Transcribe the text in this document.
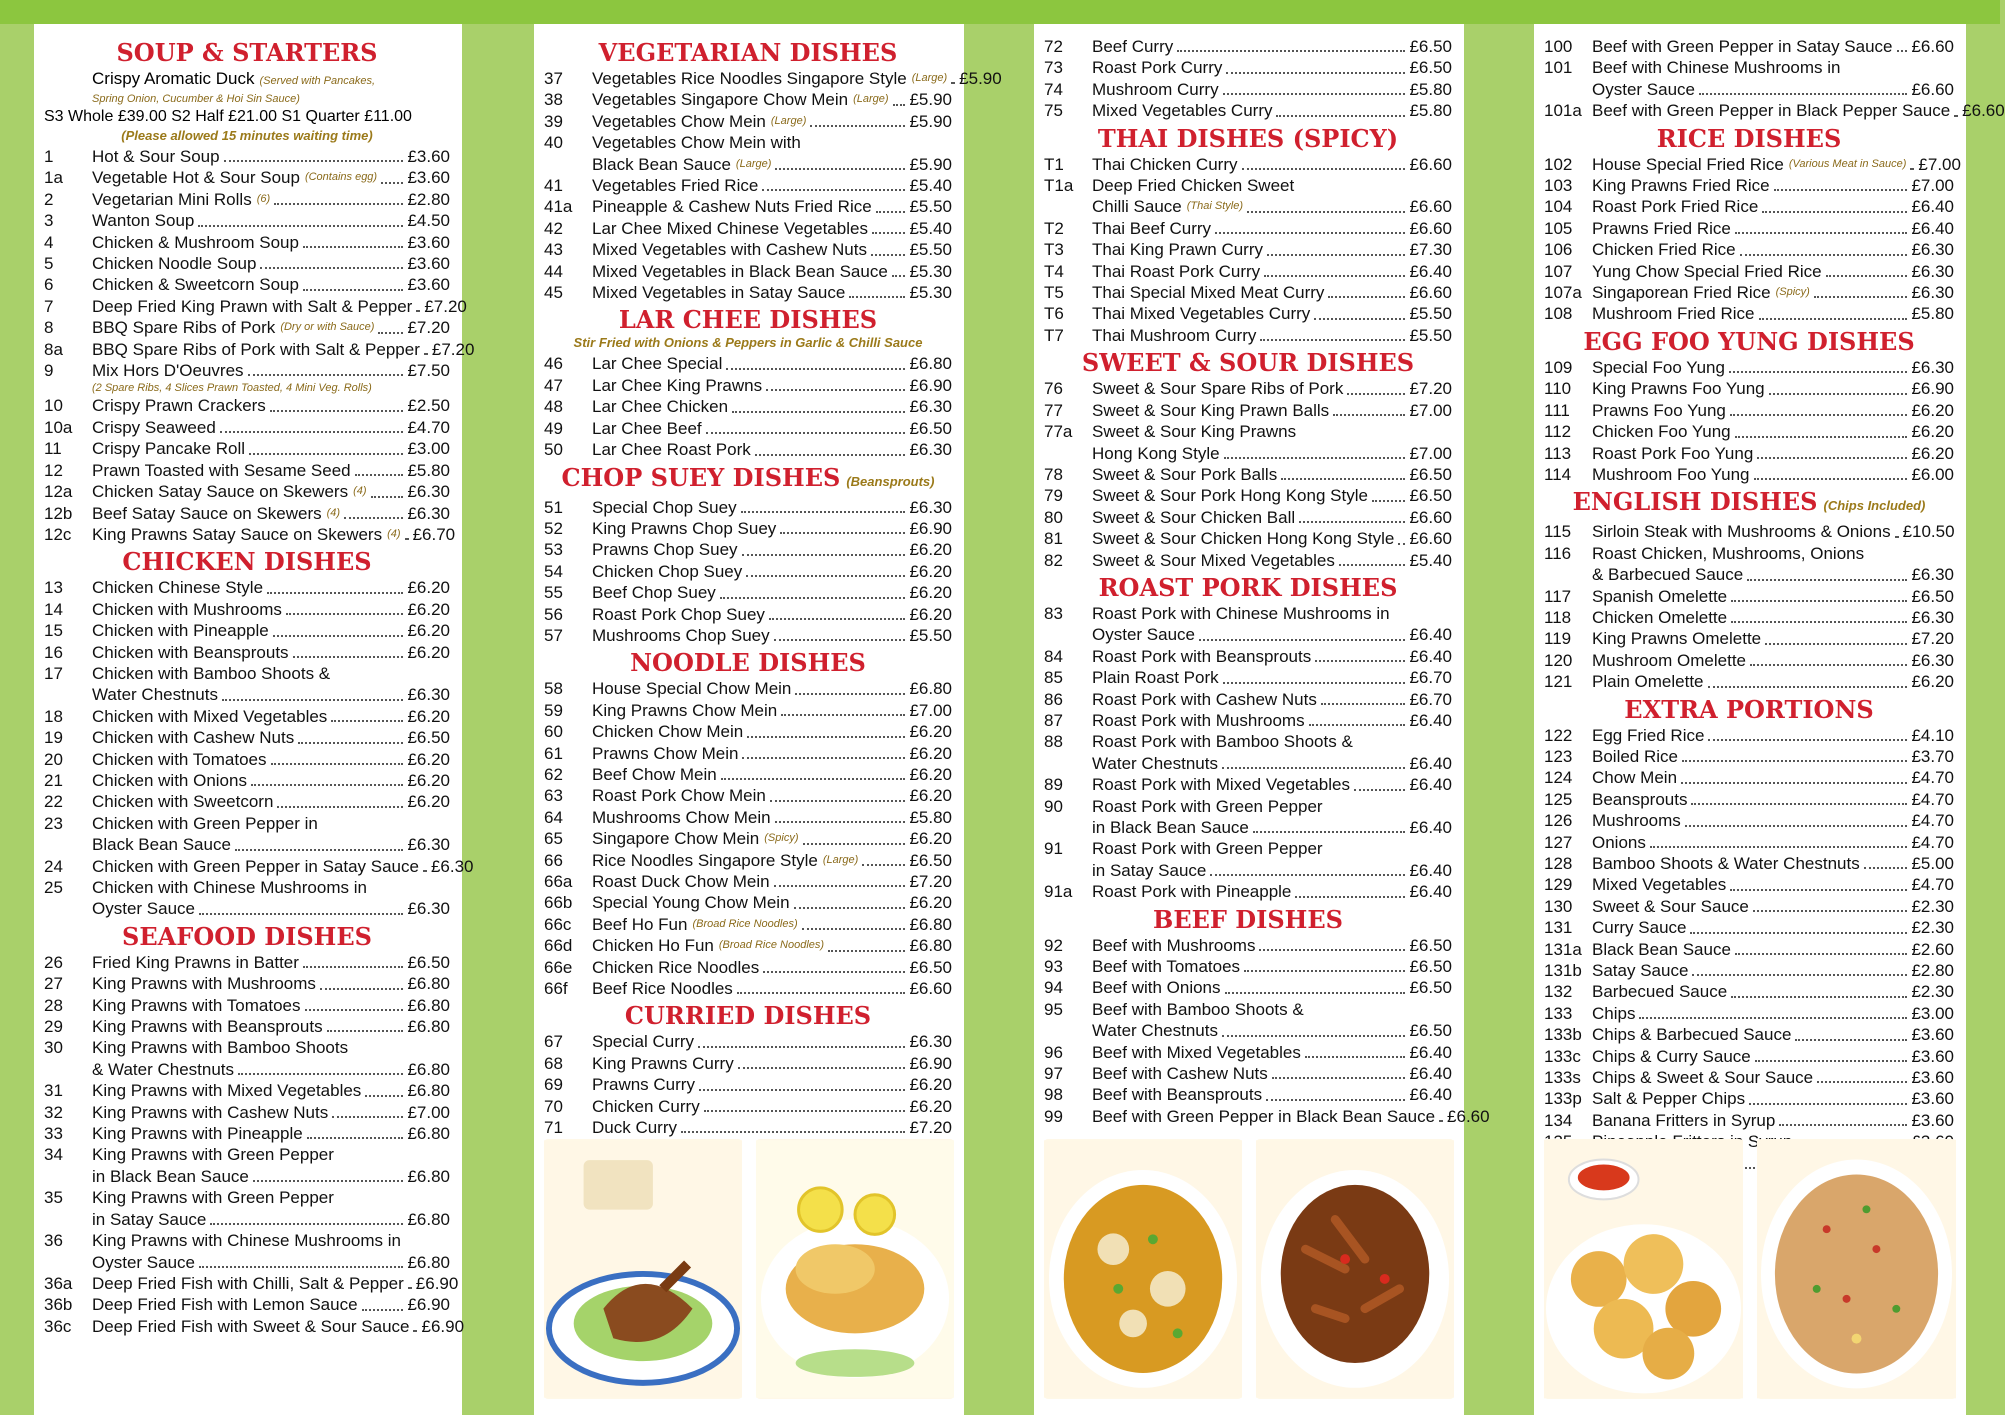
SOUP & STARTERS
Crispy Aromatic Duck (Served with Pancakes,
Spring Onion, Cucumber & Hoi Sin Sauce)
S3 Whole £39.00 S2 Half £21.00 S1 Quarter £11.00
(Please allowed 15 minutes waiting time)
1	Hot & Sour Soup	£3.60
1a	Vegetable Hot & Sour Soup (Contains egg) £3.60
2	Vegetarian Mini Rolls (6)	£2.80
3	Wanton Soup	£4.50
4	Chicken & Mushroom Soup	£3.60
5	Chicken Noodle Soup	£3.60
6	Chicken & Sweetcorn Soup	£3.60
7	Deep Fried King Prawn with Salt & Pepper £7.20
8	BBQ Spare Ribs of Pork (Dry or with Sauce) £7.20
8a	BBQ Spare Ribs of Pork with Salt & Pepper £7.20
9	Mix Hors D'Oeuvres	£7.50
(2 Spare Ribs, 4 Slices Prawn Toasted, 4 Mini Veg. Rolls)
10	Crispy Prawn Crackers	£2.50
10a	Crispy Seaweed	£4.70
11	Crispy Pancake Roll	£3.00
12	Prawn Toasted with Sesame Seed	£5.80
12a	Chicken Satay Sauce on Skewers (4) £6.30
12b	Beef Satay Sauce on Skewers (4)	£6.30
12c	King Prawns Satay Sauce on Skewers (4) £6.70
CHICKEN DISHES
13	Chicken Chinese Style	£6.20
14	Chicken with Mushrooms	£6.20
15	Chicken with Pineapple	£6.20
16	Chicken with Beansprouts	£6.20
17	Chicken with Bamboo Shoots &
Water Chestnuts	£6.30
18	Chicken with Mixed Vegetables	£6.20
19	Chicken with Cashew Nuts	£6.50
20	Chicken with Tomatoes	£6.20
21	Chicken with Onions	£6.20
22	Chicken with Sweetcorn	£6.20
23	Chicken with Green Pepper in
Black Bean Sauce	£6.30
24	Chicken with Green Pepper in Satay Sauce £6.30
25	Chicken with Chinese Mushrooms in
Oyster Sauce	£6.30
SEAFOOD DISHES
26	Fried King Prawns in Batter	£6.50
27	King Prawns with Mushrooms	£6.80
28	King Prawns with Tomatoes	£6.80
29	King Prawns with Beansprouts	£6.80
30	King Prawns with Bamboo Shoots
& Water Chestnuts	£6.80
31	King Prawns with Mixed Vegetables	£6.80
32	King Prawns with Cashew Nuts	£7.00
33	King Prawns with Pineapple	£6.80
34	King Prawns with Green Pepper
in Black Bean Sauce	£6.80
35	King Prawns with Green Pepper
in Satay Sauce	£6.80
36	King Prawns with Chinese Mushrooms in
Oyster Sauce	£6.80
36a	Deep Fried Fish with Chilli, Salt & Pepper £6.90
36b	Deep Fried Fish with Lemon Sauce	£6.90
36c	Deep Fried Fish with Sweet & Sour Sauce £6.90
VEGETARIAN DISHES
37	Vegetables Rice Noodles Singapore Style (Large) £5.90
38	Vegetables Singapore Chow Mein (Large) £5.90
39	Vegetables Chow Mein (Large)	£5.90
40	Vegetables Chow Mein with
Black Bean Sauce (Large)	£5.90
41	Vegetables Fried Rice	£5.40
41a	Pineapple & Cashew Nuts Fried Rice £5.50
42	Lar Chee Mixed Chinese Vegetables £5.40
43	Mixed Vegetables with Cashew Nuts £5.50
44	Mixed Vegetables in Black Bean Sauce £5.30
45	Mixed Vegetables in Satay Sauce	£5.30
LAR CHEE DISHES
Stir Fried with Onions & Peppers in Garlic & Chilli Sauce
46	Lar Chee Special	£6.80
47	Lar Chee King Prawns	£6.90
48	Lar Chee Chicken	£6.30
49	Lar Chee Beef	£6.50
50	Lar Chee Roast Pork	£6.30
CHOP SUEY DISHES (Beansprouts)
51	Special Chop Suey	£6.30
52	King Prawns Chop Suey	£6.90
53	Prawns Chop Suey	£6.20
54	Chicken Chop Suey	£6.20
55	Beef Chop Suey	£6.20
56	Roast Pork Chop Suey	£6.20
57	Mushrooms Chop Suey	£5.50
NOODLE DISHES
58	House Special Chow Mein	£6.80
59	King Prawns Chow Mein	£7.00
60	Chicken Chow Mein	£6.20
61	Prawns Chow Mein	£6.20
62	Beef Chow Mein	£6.20
63	Roast Pork Chow Mein	£6.20
64	Mushrooms Chow Mein	£5.80
65	Singapore Chow Mein (Spicy)	£6.20
66	Rice Noodles Singapore Style (Large)	£6.50
66a	Roast Duck Chow Mein	£7.20
66b	Special Young Chow Mein	£6.20
66c	Beef Ho Fun (Broad Rice Noodles)	£6.80
66d	Chicken Ho Fun (Broad Rice Noodles)	£6.80
66e	Chicken Rice Noodles	£6.50
66f	Beef Rice Noodles	£6.60
CURRIED DISHES
67	Special Curry	£6.30
68	King Prawns Curry	£6.90
69	Prawns Curry	£6.20
70	Chicken Curry	£6.20
71	Duck Curry	£7.20
72	Beef Curry	£6.50
73	Roast Pork Curry	£6.50
74	Mushroom Curry	£5.80
75	Mixed Vegetables Curry	£5.80
THAI DISHES (SPICY)
T1	Thai Chicken Curry	£6.60
T1a	Deep Fried Chicken Sweet
Chilli Sauce (Thai Style)	£6.60
T2	Thai Beef Curry	£6.60
T3	Thai King Prawn Curry	£7.30
T4	Thai Roast Pork Curry	£6.40
T5	Thai Special Mixed Meat Curry	£6.60
T6	Thai Mixed Vegetables Curry	£5.50
T7	Thai Mushroom Curry	£5.50
SWEET & SOUR DISHES
76	Sweet & Sour Spare Ribs of Pork	£7.20
77	Sweet & Sour King Prawn Balls	£7.00
77a	Sweet & Sour King Prawns
Hong Kong Style	£7.00
78	Sweet & Sour Pork Balls	£6.50
79	Sweet & Sour Pork Hong Kong Style £6.50
80	Sweet & Sour Chicken Ball	£6.60
81	Sweet & Sour Chicken Hong Kong Style £6.60
82	Sweet & Sour Mixed Vegetables	£5.40
ROAST PORK DISHES
83	Roast Pork with Chinese Mushrooms in
Oyster Sauce	£6.40
84	Roast Pork with Beansprouts	£6.40
85	Plain Roast Pork	£6.70
86	Roast Pork with Cashew Nuts	£6.70
87	Roast Pork with Mushrooms	£6.40
88	Roast Pork with Bamboo Shoots &
Water Chestnuts	£6.40
89	Roast Pork with Mixed Vegetables	£6.40
90	Roast Pork with Green Pepper
in Black Bean Sauce	£6.40
91	Roast Pork with Green Pepper
in Satay Sauce	£6.40
91a	Roast Pork with Pineapple	£6.40
BEEF DISHES
92	Beef with Mushrooms	£6.50
93	Beef with Tomatoes	£6.50
94	Beef with Onions	£6.50
95	Beef with Bamboo Shoots &
Water Chestnuts	£6.50
96	Beef with Mixed Vegetables	£6.40
97	Beef with Cashew Nuts	£6.40
98	Beef with Beansprouts	£6.40
99	Beef with Green Pepper in Black Bean Sauce £6.60
100	Beef with Green Pepper in Satay Sauce £6.60
101	Beef with Chinese Mushrooms in
Oyster Sauce	£6.60
101a Beef with Green Pepper in Black Pepper Sauce £6.60
RICE DISHES
102	House Special Fried Rice (Various Meat in Sauce) £7.00
103	King Prawns Fried Rice	£7.00
104	Roast Pork Fried Rice	£6.40
105	Prawns Fried Rice	£6.40
106	Chicken Fried Rice	£6.30
107	Yung Chow Special Fried Rice	£6.30
107a Singaporean Fried Rice (Spicy)	£6.30
108	Mushroom Fried Rice	£5.80
EGG FOO YUNG DISHES
109	Special Foo Yung	£6.30
110	King Prawns Foo Yung	£6.90
111	Prawns Foo Yung	£6.20
112	Chicken Foo Yung	£6.20
113	Roast Pork Foo Yung	£6.20
114	Mushroom Foo Yung	£6.00
ENGLISH DISHES (Chips Included)
115	Sirloin Steak with Mushrooms & Onions £10.50
116	Roast Chicken, Mushrooms, Onions
& Barbecued Sauce	£6.30
117	Spanish Omelette	£6.50
118	Chicken Omelette	£6.30
119	King Prawns Omelette	£7.20
120	Mushroom Omelette	£6.30
121	Plain Omelette	£6.20
EXTRA PORTIONS
122	Egg Fried Rice	£4.10
123	Boiled Rice	£3.70
124	Chow Mein	£4.70
125	Beansprouts	£4.70
126	Mushrooms	£4.70
127	Onions	£4.70
128	Bamboo Shoots & Water Chestnuts	£5.00
129	Mixed Vegetables	£4.70
130	Sweet & Sour Sauce	£2.30
131	Curry Sauce	£2.30
131a Black Bean Sauce	£2.60
131b Satay Sauce	£2.80
132	Barbecued Sauce	£2.30
133	Chips	£3.00
133b Chips & Barbecued Sauce	£3.60
133c Chips & Curry Sauce	£3.60
133s Chips & Sweet & Sour Sauce	£3.60
133p Salt & Pepper Chips	£3.60
134	Banana Fritters in Syrup	£3.60
